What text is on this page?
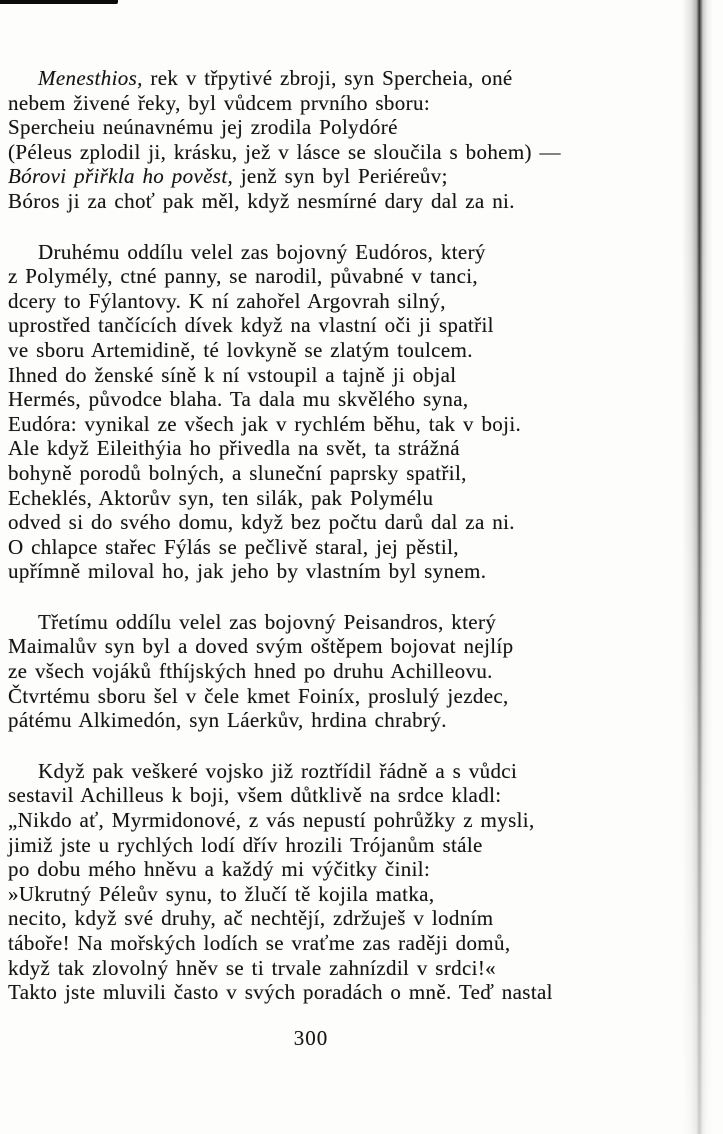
Menesthios, rek v třpytivé zbroji, syn Spercheia, oné
nebem živené řeky, byl vůdcem prvního sboru:
Spercheiu neúnavnému jej zrodila Polydóré
(Péleus zplodil ji, krásku, jež v lásce se sloučila s bohem) —
Bórovi přiřkla ho pověst, jenž syn byl Periéreův;
Bóros ji za choť pak měl, když nesmírné dary dal za ni.
Druhému oddílu velel zas bojovný Eudóros, který
z Polymély, ctné panny, se narodil, půvabné v tanci,
dcery to Fýlantovy. K ní zahořel Argovrah silný,
uprostřed tančících dívek když na vlastní oči ji spatřil
ve sboru Artemidině, té lovkyně se zlatým toulcem.
Ihned do ženské síně k ní vstoupil a tajně ji objal
Hermés, původce blaha. Ta dala mu skvělého syna,
Eudóra: vynikal ze všech jak v rychlém běhu, tak v boji.
Ale když Eileithýia ho přivedla na svět, ta strážná
bohyně porodů bolných, a sluneční paprsky spatřil,
Echeklés, Aktorův syn, ten silák, pak Polymélu
odved si do svého domu, když bez počtu darů dal za ni.
O chlapce stařec Fýlás se pečlivě staral, jej pěstil,
upřímně miloval ho, jak jeho by vlastním byl synem.
Třetímu oddílu velel zas bojovný Peisandros, který
Maimalův syn byl a doved svým oštěpem bojovat nejlíp
ze všech vojáků fthíjských hned po druhu Achilleovu.
Čtvrtému sboru šel v čele kmet Foiníx, proslulý jezdec,
pátému Alkimedón, syn Láerkův, hrdina chrabrý.
Když pak veškeré vojsko již roztřídil řádně a s vůdci
sestavil Achilleus k boji, všem důtklivě na srdce kladl:
„Nikdo ať, Myrmidonové, z vás nepustí pohrůžky z mysli,
jimiž jste u rychlých lodí dřív hrozili Trójanům stále
po dobu mého hněvu a každý mi výčitky činil:
»Ukrutný Péleův synu, to žlučí tě kojila matka,
necito, když své druhy, ač nechtějí, zdržuješ v lodním
táboře! Na mořských lodích se vraťme zas raději domů,
když tak zlovolný hněv se ti trvale zahnízdil v srdci!«
Takto jste mluvili často v svých poradách o mně. Teď nastal
300
